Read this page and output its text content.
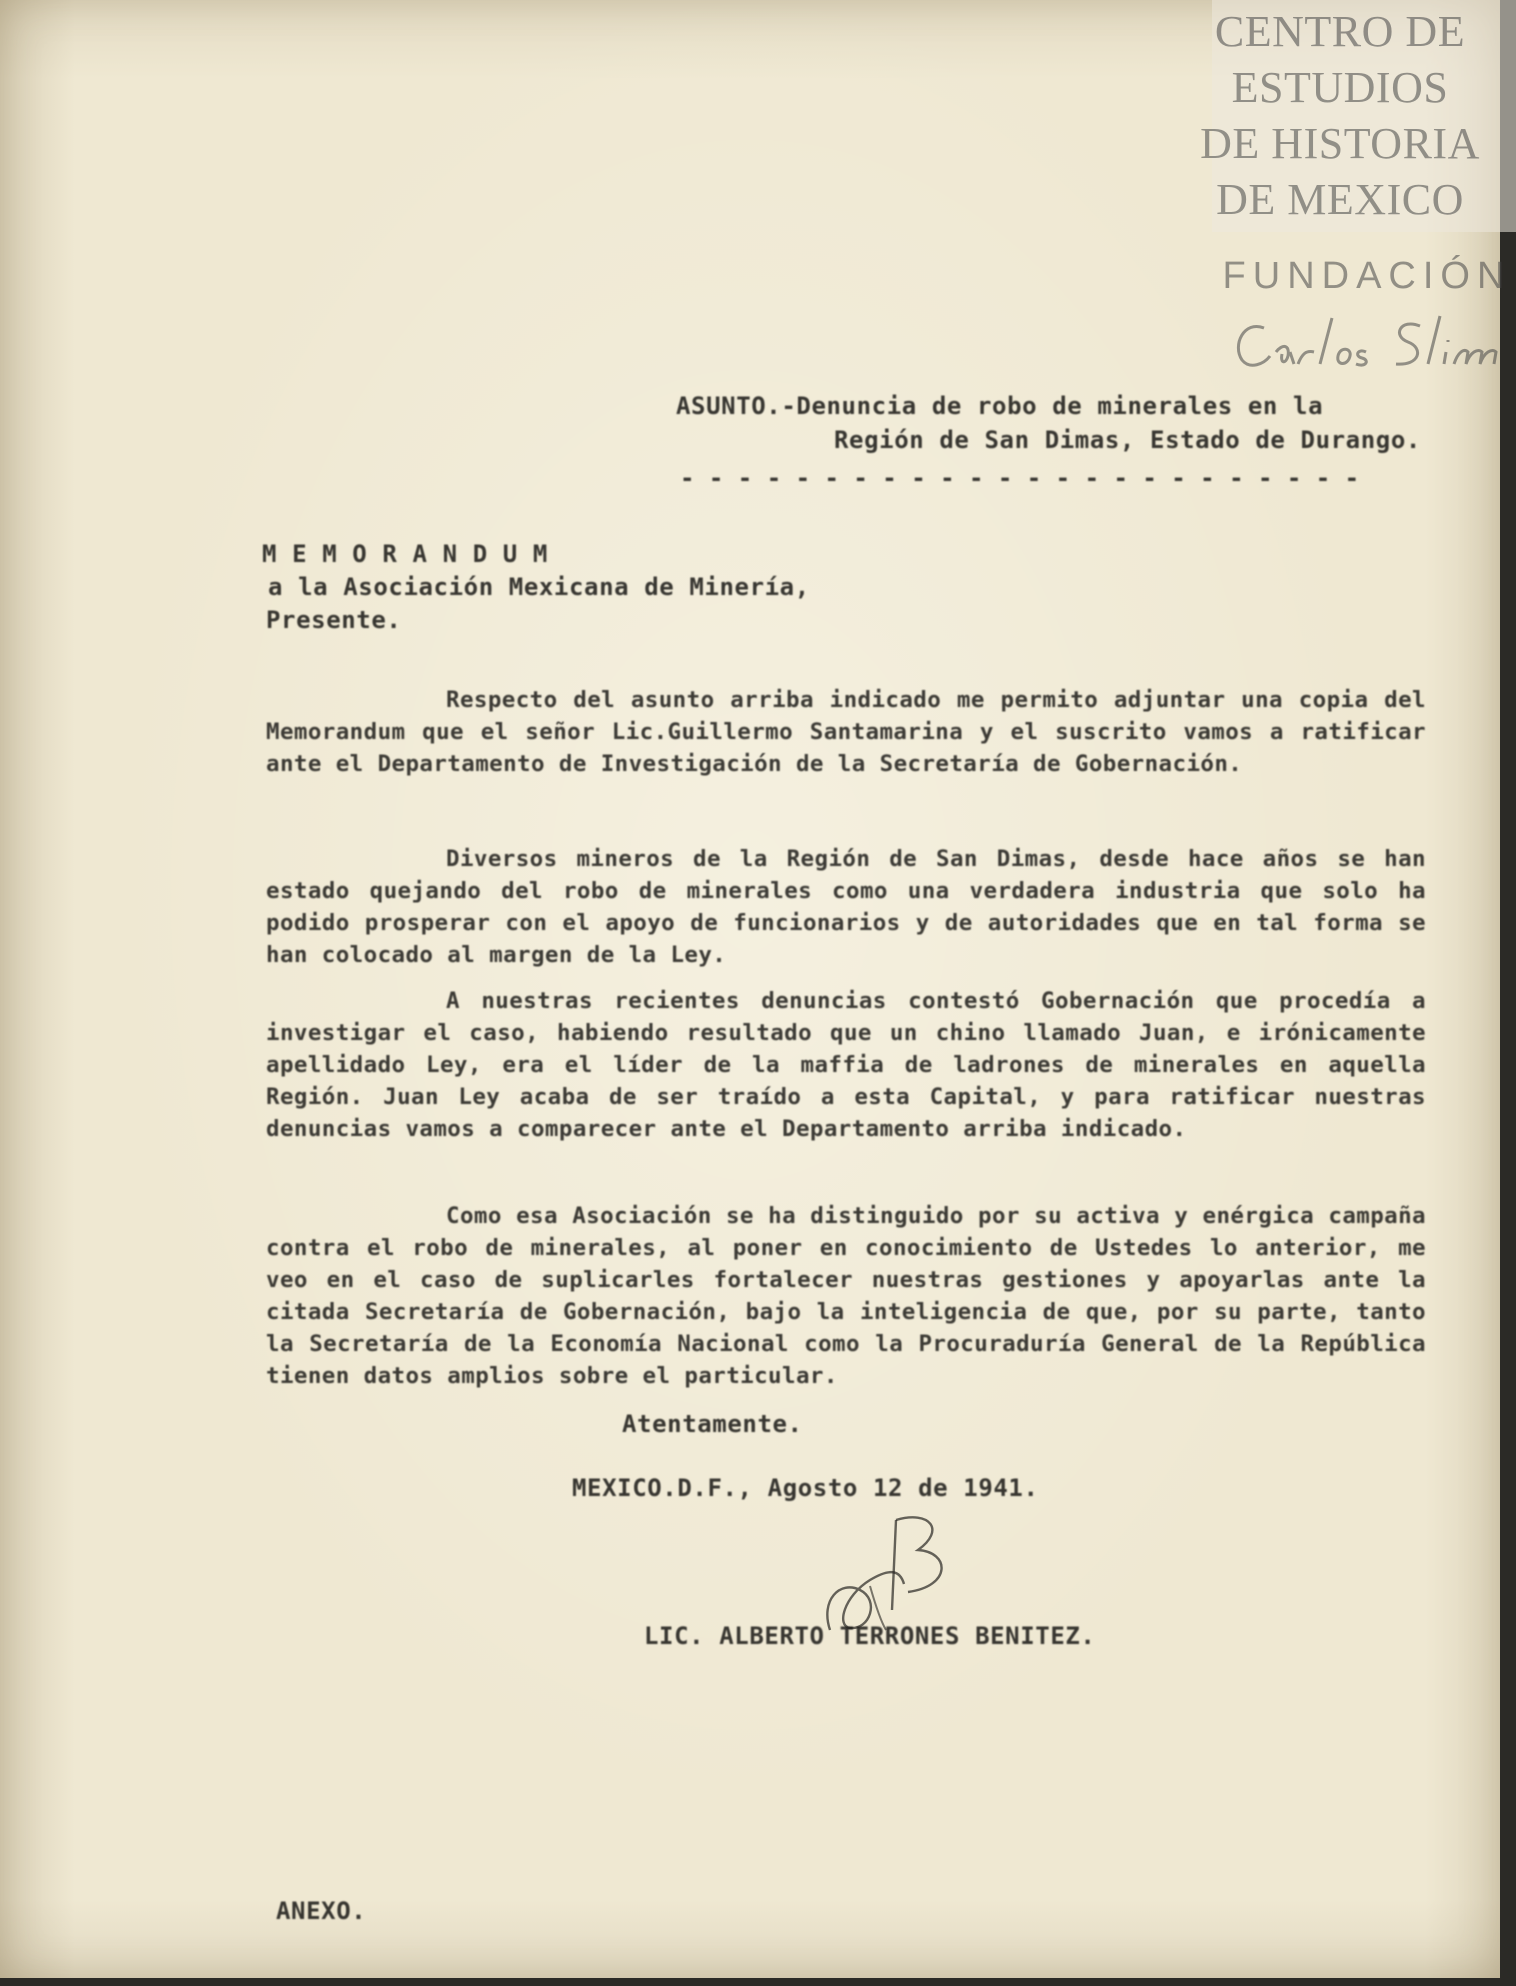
CENTRO DE
ESTUDIOS
DE HISTORIA
DE MEXICO
FUNDACIÓN
ASUNTO.-Denuncia de robo de minerales en la
Región de San Dimas, Estado de Durango.
- - - - - - - - - - - - - - - - - - - - - - - -
M E M O R A N D U M
a la Asociación Mexicana de Minería,
Presente.
Respecto del asunto arriba indicado me permito adjuntar una copia del Memorandum que el señor Lic.Guillermo Santamarina y el suscrito vamos a ratificar ante el Departamento de Investigación de la Secretaría de Gobernación.
Diversos mineros de la Región de San Dimas, desde hace años se han estado quejando del robo de minerales como una verdadera industria que solo ha podido prosperar con el apoyo de funcionarios y de autoridades que en tal forma se han colocado al margen de la Ley.
A nuestras recientes denuncias contestó Gobernación que procedía a investigar el caso, habiendo resultado que un chino llamado Juan, e irónicamente apellidado Ley, era el líder de la maffia de ladrones de minerales en aquella Región. Juan Ley acaba de ser traído a esta Capital, y para ratificar nuestras denuncias vamos a comparecer ante el Departamento arriba indicado.
Como esa Asociación se ha distinguido por su activa y enérgica campaña contra el robo de minerales, al poner en conocimiento de Ustedes lo anterior, me veo en el caso de suplicarles fortalecer nuestras gestiones y apoyarlas ante la citada Secretaría de Gobernación, bajo la inteligencia de que, por su parte, tanto la Secretaría de la Economía Nacional como la Procuraduría General de la República tienen datos amplios sobre el particular.
Atentamente.
MEXICO.D.F., Agosto 12 de 1941.
LIC. ALBERTO TERRONES BENITEZ.
ANEXO.
